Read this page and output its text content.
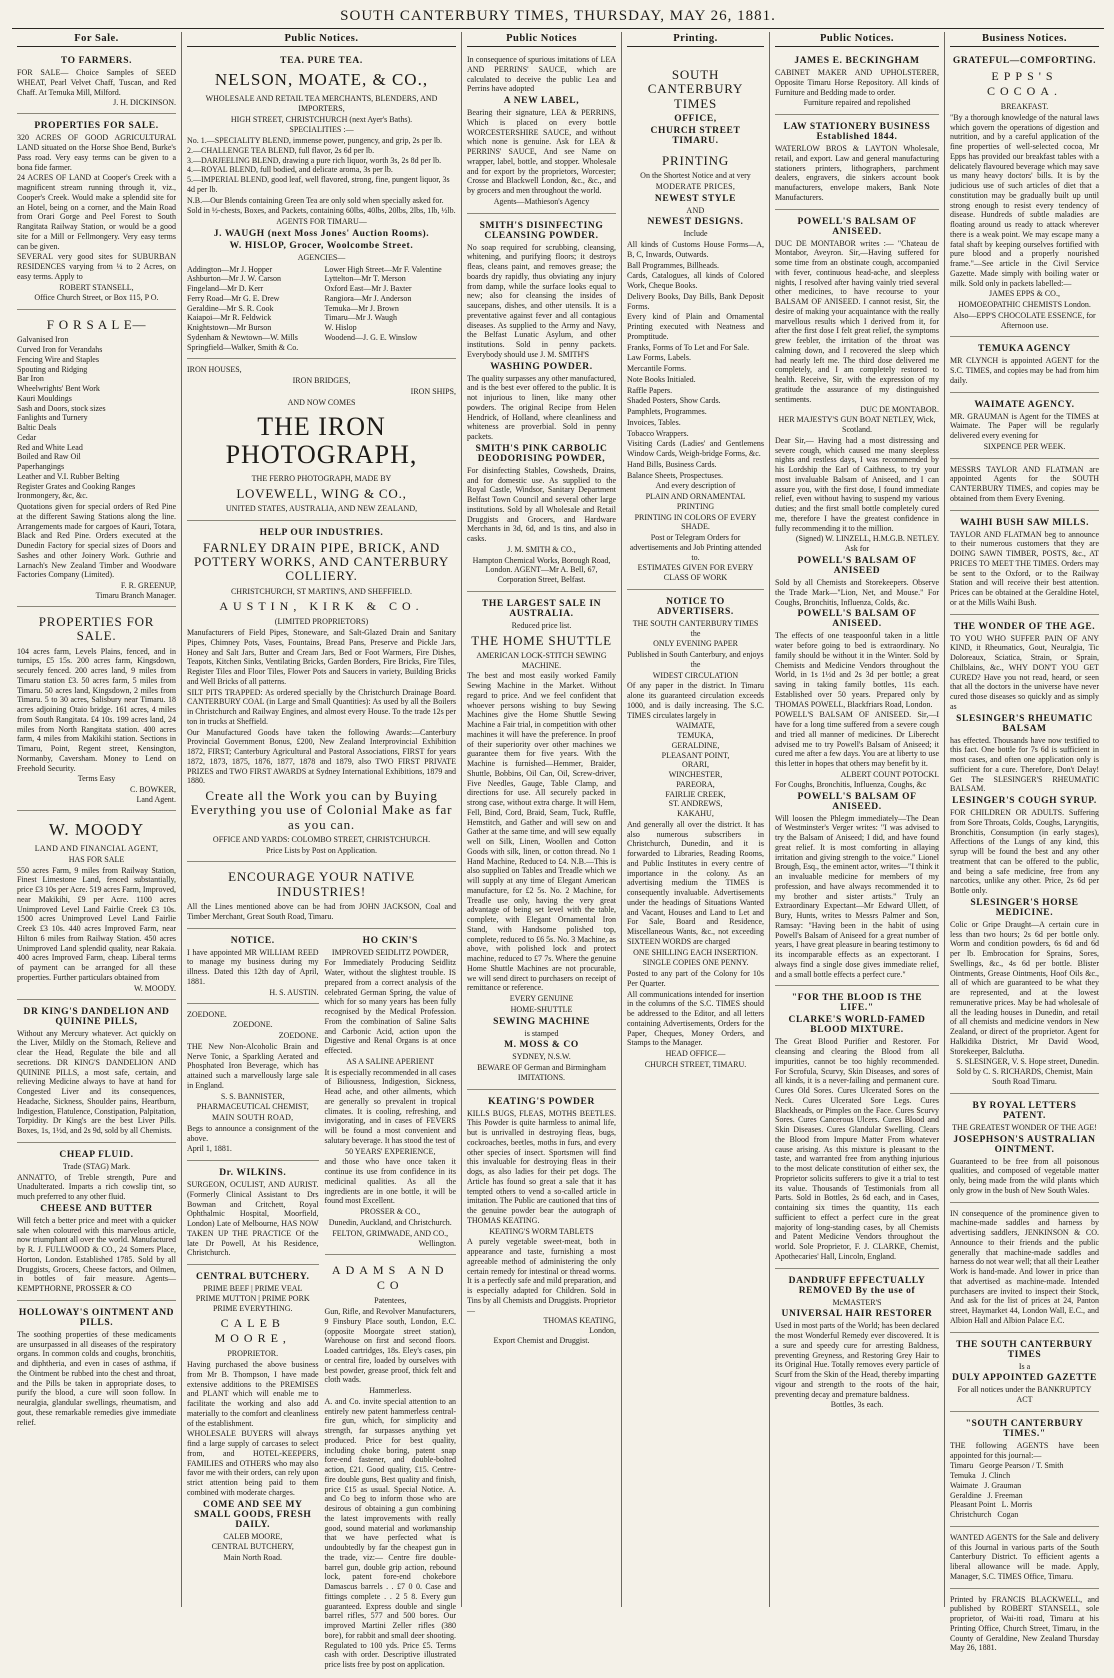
SOUTH CANTERBURY TIMES, THURSDAY, MAY 26, 1881.
For Sale.
TO FARMERS.

FOR SALE— Choice Samples of SEED WHEAT, Pearl Velvet Chaff, Tuscan, and Red Chaff. At Temuka Mill, Milford.

J. H. DICKINSON.

PROPERTIES FOR SALE.

320 ACRES OF GOOD AGRICULTURAL LAND situated on the Horse Shoe Bend, Burke's Pass road. Very easy terms can be given to a bona fide farmer.

24 ACRES OF LAND at Cooper's Creek with a magnificent stream running through it, viz., Cooper's Creek. Would make a splendid site for an Hotel, being on a corner, and the Main Road from Orari Gorge and Peel Forest to South Rangitata Railway Station, or would be a good site for a Mill or Fellmongery. Very easy terms can be given.

SEVERAL very good sites for SUBURBAN RESIDENCES varying from ¼ to 2 Acres, on easy terms. Apply to

ROBERT STANSELL,

Office Church Street, or Box 115, P O.

F O R S A L E—
Galvanised Iron
Curved Iron for Verandahs
Fencing Wire and Staples
Spouting and Ridging
Bar Iron
Wheelwrights' Bent Work
Kauri Mouldings
Sash and Doors, stock sizes
Fanlights and Turnery
Baltic Deals
Cedar
Red and White Lead
Boiled and Raw Oil
Paperhangings
Leather and V.I. Rubber Belting
Register Grates and Cooking Ranges
Ironmongery, &c, &c.

Quotations given for special orders of Red Pine at the different Sawing Stations along the line. Arrangements made for cargoes of Kauri, Totara, Black and Red Pine. Orders executed at the Dunedin Factory for special sizes of Doors and Sashes and other Joinery Work. Guthrie and Larnach's New Zealand Timber and Woodware Factories Company (Limited).

F. R. GREENUP,

Timaru Branch Manager.

PROPERTIES FOR SALE.

104 acres farm, Levels Plains, fenced, and in turnips, £5 15s. 200 acres farm, Kingsdown, securely fenced. 200 acres land, 9 miles from Timaru station £3. 50 acres farm, 5 miles from Timaru. 50 acres land, Kingsdown, 2 miles from Timaru. 5 to 30 acres, Salisbury near Timaru. 18 acres adjoining Otaio bridge. 161 acres, 4 miles from South Rangitata. £4 10s. 199 acres land, 24 miles from North Rangitata station. 400 acres farm, 4 miles from Makikihi station. Sections in Timaru, Point, Regent street, Kensington, Normanby, Caversham. Money to Lend on Freehold Security.

Terms Easy

C. BOWKER,

Land Agent.

W. MOODY

LAND AND FINANCIAL AGENT,

HAS FOR SALE

550 acres Farm, 9 miles from Railway Station, Finest Limestone Land, fenced substantially, price £3 10s per Acre. 519 acres Farm, Improved, near Makikihi, £9 per Acre. 1100 acres Unimproved Level Land Fairlie Creek £3 10s. 1500 acres Unimproved Level Land Fairlie Creek £3 10s. 440 acres Improved Farm, near Hilton 6 miles from Railway Station. 450 acres Unimproved Land splendid quality, near Rakaia. 400 acres Improved Farm, cheap. Liberal terms of payment can be arranged for all these properties. Further particulars obtained from

W. MOODY.

DR KING'S DANDELION AND QUININE PILLS,

Without any Mercury whatever. Act quickly on the Liver, Mildly on the Stomach, Relieve and clear the Head, Regulate the bile and all secretions. DR KING'S DANDELION AND QUININE PILLS, a most safe, certain, and relieving Medicine always to have at hand for Congested Liver and its consequences, Headache, Sickness, Shoulder pains, Heartburn, Indigestion, Flatulence, Constipation, Palpitation, Torpidity. Dr King's are the best Liver Pills. Boxes, 1s, 1½d, and 2s 9d, sold by all Chemists.

CHEAP FLUID.

Trade (STAG) Mark.

ANNATTO, of Treble strength, Pure and Unadulterated. Imparts a rich cowslip tint, so much preferred to any other fluid.

CHEESE AND BUTTER

Will fetch a better price and meet with a quicker sale when coloured with this marvelous article, now triumphant all over the world. Manufactured by R. J. FULLWOOD & CO., 24 Somers Place, Horton, London. Established 1785. Sold by all Druggists, Grocers, Cheese factors, and Oilmen, in bottles of fair measure. Agents— KEMPTHORNE, PROSSER & CO

HOLLOWAY'S OINTMENT AND PILLS.

The soothing properties of these medicaments are unsurpassed in all diseases of the respiratory organs. In common colds and coughs, bronchitis, and diphtheria, and even in cases of asthma, if the Ointment be rubbed into the chest and throat, and the Pills be taken in appropriate doses, to purify the blood, a cure will soon follow. In neuralgia, glandular swellings, rheumatism, and gout, these remarkable remedies give immediate relief.

Public Notices.
TEA. PURE TEA.
NELSON, MOATE, & CO.,

WHOLESALE AND RETAIL TEA MERCHANTS, BLENDERS, AND IMPORTERS,

HIGH STREET, CHRISTCHURCH (next Ayer's Baths).

SPECIALITIES :—

No. 1.—SPECIALITY BLEND, immense power, pungency, and grip, 2s per lb.
2.—CHALLENGE TEA BLEND, full flavor, 2s 6d per lb.
3.—DARJEELING BLEND, drawing a pure rich liquor, worth 3s, 2s 8d per lb.
4.—ROYAL BLEND, full bodied, and delicate aroma, 3s per lb.
5.—IMPERIAL BLEND, good leaf, well flavored, strong, fine, pungent liquor, 3s 4d per lb.

N.B.—Our Blends containing Green Tea are only sold when specially asked for.

Sold in ½-chests, Boxes, and Packets, containing 60lbs, 40lbs, 20lbs, 2lbs, 1lb, ½lb.

AGENTS FOR TIMARU—

J. WAUGH (next Moss Jones' Auction Rooms).
W. HISLOP, Grocer, Woolcombe Street.

AGENCIES—

Addington—Mr J. Hopper
Ashburton—Mr J. W. Carson
Fingeland—Mr D. Kerr
Ferry Road—Mr G. E. Drew
Geraldine—Mr S. R. Cook
Kaiapoi—Mr R. Feldwick
Knightstown—Mr Burson
Sydenham & Newtown—W. Mills
Springfield—Walker, Smith & Co.
Lower High Street—Mr F. Valentine
Lyttelton—Mr T. Merson
Oxford East—Mr J. Baxter
Rangiora—Mr J. Anderson
Temuka—Mr J. Brown
Timaru—Mr J. Waugh
W. Hislop
Woodend—J. G. E. Winslow

IRON HOUSES,

IRON BRIDGES,

IRON SHIPS,

AND NOW COMES

THE IRON PHOTOGRAPH,

THE FERRO PHOTOGRAPH, MADE BY

LOVEWELL, WING & CO.,

UNITED STATES, AUSTRALIA, AND NEW ZEALAND,

HELP OUR INDUSTRIES.
FARNLEY DRAIN PIPE, BRICK, AND POTTERY WORKS, AND CANTERBURY COLLIERY.

CHRISTCHURCH, ST MARTIN'S, AND SHEFFIELD.

AUSTIN, KIRK & CO.

(LIMITED PROPRIETORS)

Manufacturers of Field Pipes, Stoneware, and Salt-Glazed Drain and Sanitary Pipes, Chimney Pots, Vases, Fountains, Bread Pans, Preserve and Pickle Jars, Honey and Salt Jars, Butter and Cream Jars, Bed or Foot Warmers, Fire Dishes, Teapots, Kitchen Sinks, Ventilating Bricks, Garden Borders, Fire Bricks, Fire Tiles, Register Tiles and Floor Tiles, Flower Pots and Saucers in variety, Building Bricks and Well Bricks of all patterns.

SILT PITS TRAPPED: As ordered specially by the Christchurch Drainage Board. CANTERBURY COAL (in Large and Small Quantities): As used by all the Boilers in Christchurch and Railway Engines, and almost every House. To the trade 12s per ton in trucks at Sheffield.

Our Manufactured Goods have taken the following Awards:—Canterbury Provincial Government Bonus, £200, New Zealand Interprovincial Exhibition 1872, FIRST; Canterbury Agricultural and Pastoral Associations, FIRST for years 1872, 1873, 1875, 1876, 1877, 1878 and 1879, also TWO FIRST PRIVATE PRIZES and TWO FIRST AWARDS at Sydney International Exhibitions, 1879 and 1880.

Create all the Work you can by Buying Everything you use of Colonial Make as far as you can.

OFFICE AND YARDS: COLOMBO STREET, CHRISTCHURCH.

Price Lists by Post on Application.

ENCOURAGE YOUR NATIVE INDUSTRIES!

All the Lines mentioned above can be had from JOHN JACKSON, Coal and Timber Merchant, Great South Road, Timaru.

NOTICE.

I have appointed MR WILLIAM REED to manage my business during my illness. Dated this 12th day of April, 1881.

H. S. AUSTIN.

ZOEDONE.

ZOEDONE.

ZOEDONE.

THE New Non-Alcoholic Brain and Nerve Tonic, a Sparkling Aerated and Phosphated Iron Beverage, which has attained such a marvellously large sale in England.

S. S. BANNISTER,

PHARMACEUTICAL CHEMIST,

MAIN SOUTH ROAD,

Begs to announce a consignment of the above.

April 1, 1881.

Dr. WILKINS.

SURGEON, OCULIST, AND AURIST. (Formerly Clinical Assistant to Drs Bowman and Critchett, Royal Ophthalmic Hospital, Moorfield, London) Late of Melbourne, HAS NOW TAKEN UP THE PRACTICE Of the late Dr Powell, At his Residence, Christchurch.

CENTRAL BUTCHERY.
PRIME BEEF | PRIME VEAL
PRIME MUTTON | PRIME PORK
PRIME EVERYTHING.
CALEB MOORE,

PROPRIETOR.

Having purchased the above business from Mr B. Thompson, I have made extensive additions to the PREMISES and PLANT which will enable me to facilitate the working and also add materially to the comfort and cleanliness of the establishment.

WHOLESALE BUYERS will always find a large supply of carcases to select from, and HOTEL-KEEPERS, FAMILIES and OTHERS who may also favor me with their orders, can rely upon strict attention being paid to them combined with moderate charges.

COME AND SEE MY SMALL GOODS, FRESH DAILY.

CALEB MOORE,

CENTRAL BUTCHERY,

Main North Road.

HO CKIN'S

IMPROVED SEIDLITZ POWDER,

For Immediately Producing Seidlitz Water, without the slightest trouble. IS prepared from a correct analysis of the celebrated German Spring, the value of which for so many years has been fully recognised by the Medical Profession. From the combination of Saline Salts and Carbonic Acid, action upon the Digestive and Renal Organs is at once effected.

AS A SALINE APERIENT

It is especially recommended in all cases of Biliousness, Indigestion, Sickness, Head ache, and other ailments, which are generally so prevalent in tropical climates. It is cooling, refreshing, and invigorating, and in cases of FEVERS will be found a most convenient and salutary beverage. It has stood the test of

50 YEARS' EXPERIENCE,

and those who have once taken it continue its use from confidence in its medicinal qualities. As all the ingredients are in one bottle, it will be found most Excellent.

PROSSER & CO.,

Dunedin, Auckland, and Christchurch.

FELTON, GRIMWADE, AND CO.,

Wellington.

ADAMS AND CO

Patentees,

Gun, Rifle, and Revolver Manufacturers, 9 Finsbury Place south, London, E.C. (opposite Moorgate street station), Warehouse on first and second floors. Loaded cartridges, 18s. Eley's cases, pin or central fire, loaded by ourselves with best powder, grease proof, thick felt and cloth wads.

Hammerless.

A. and Co. invite special attention to an entirely new patent hammerless central-fire gun, which, for simplicity and strength, far surpasses anything yet produced. Price for best quality, including choke boring, patent snap fore-end fastener, and double-bolted action, £21. Good quality, £15. Centre-fire double guns, Best quality and finish, price £15 as usual. Special Notice. A. and Co beg to inform those who are desirous of obtaining a gun combining the latest improvements with really good, sound material and workmanship that we have perfected what is undoubtedly by far the cheapest gun in the trade, viz:— Centre fire double-barrel gun, double grip action, rebound lock, patent fore-end chokebore Damascus barrels . . £7 0 0. Case and fittings complete . . 2 5 8. Every gun guaranteed. Express double and single barrel rifles, 577 and 500 bores. Our improved Martini Zeller rifles (380 bore), for rabbit and small deer shooting. Regulated to 100 yds. Price £5. Terms cash with order. Descriptive illustrated price lists free by post on application.

Public Notices

In consequence of spurious imitations of LEA AND PERRINS' SAUCE, which are calculated to deceive the public Lea and Perrins have adopted

A NEW LABEL,

Bearing their signature, LEA & PERRINS, Which is placed on every bottle WORCESTERSHIRE SAUCE, and without which none is genuine. Ask for LEA & PERRINS' SAUCE, And see Name on wrapper, label, bottle, and stopper. Wholesale and for export by the proprietors, Worcester; Crosse and Blackwell London, &c., &c., and by grocers and men throughout the world.

Agents—Mathieson's Agency

SMITH'S DISINFECTING CLEANSING POWDER.

No soap required for scrubbing, cleansing, whitening, and purifying floors; it destroys fleas, cleans paint, and removes grease; the boards dry rapidly, thus obviating any injury from damp, while the surface looks equal to new; also for cleansing the insides of saucepans, dishes, and other utensils. It is a preventative against fever and all contagious diseases. As supplied to the Army and Navy, the Belfast Lunatic Asylum, and other institutions. Sold in penny packets. Everybody should use J. M. SMITH'S

WASHING POWDER.

The quality surpasses any other manufactured, and is the best ever offered to the public. It is not injurious to linen, like many other powders. The original Recipe from Helen Hendrick, of Holland, where cleanliness and whiteness are proverbial. Sold in penny packets.

SMITH'S PINK CARBOLIC DEODORISING POWDER,

For disinfecting Stables, Cowsheds, Drains, and for domestic use. As supplied to the Royal Castle, Windsor, Sanitary Department Belfast Town Council and several other large institutions. Sold by all Wholesale and Retail Druggists and Grocers, and Hardware Merchants in 3d, 6d, and 1s tins, and also in casks.

J. M. SMITH & CO.,

Hampton Chemical Works, Borough Road, London. AGENT—Mr A. Bell, 67, Corporation Street, Belfast.

THE LARGEST SALE IN AUSTRALIA.

Reduced price list.

THE HOME SHUTTLE

AMERICAN LOCK-STITCH SEWING MACHINE.

The best and most easily worked Family Sewing Machine in the Market. Without regard to price. And we feel confident that whoever persons wishing to buy Sewing Machines give the Home Shuttle Sewing Machine a Fair trial, in competition with other machines it will have the preference. In proof of their superiority over other machines we guarantee them for five years. With the Machine is furnished—Hemmer, Braider, Shuttle, Bobbins, Oil Can, Oil, Screw-driver, Five Needles, Gauge, Table Clamp, and directions for use. All securely packed in strong case, without extra charge. It will Hem, Fell, Bind, Cord, Braid, Seam, Tuck, Ruffle, Hemstitch, and Gather and will sew on and Gather at the same time, and will sew equally well on Silk, Linen, Woollen and Cotton Goods with silk, linen, or cotton thread. No 1 Hand Machine, Reduced to £4. N.B.—This is also supplied on Tables and Treadle which we will supply at any time of Elegant American manufacture, for £2 5s. No. 2 Machine, for Treadle use only, having the very great advantage of being set level with the table, complete, with Elegant Ornamental Iron Stand, with Handsome polished top, complete, reduced to £6 5s. No. 3 Machine, as above, with polished lock and protect machine, reduced to £7 7s. Where the genuine Home Shuttle Machines are not procurable, we will send direct to purchasers on receipt of remittance or reference.

EVERY GENUINE

HOME-SHUTTLE

SEWING MACHINE

is stamped

M. MOSS & CO

SYDNEY, N.S.W.

BEWARE OF German and Birmingham IMITATIONS.

KEATING'S POWDER

KILLS BUGS, FLEAS, MOTHS BEETLES. This Powder is quite harmless to animal life, but is unrivalled in destroying fleas, bugs, cockroaches, beetles, moths in furs, and every other species of insect. Sportsmen will find this invaluable for destroying fleas in their dogs, as also ladies for their pet dogs. The Article has found so great a sale that it has tempted others to vend a so-called article in imitation. The Public are cautioned that tins of the genuine powder bear the autograph of THOMAS KEATING.

KEATING'S WORM TABLETS

A purely vegetable sweet-meat, both in appearance and taste, furnishing a most agreeable method of administering the only certain remedy for intestinal or thread worms. It is a perfectly safe and mild preparation, and is especially adapted for Children. Sold in Tins by all Chemists and Druggists. Proprietor—

THOMAS KEATING,

London,

Export Chemist and Druggist.

Printing.
SOUTH CANTERBURY TIMES
OFFICE,
CHURCH STREET TIMARU.
PRINTING

On the Shortest Notice and at very

MODERATE PRICES,

NEWEST STYLE

AND

NEWEST DESIGNS.

Include

All kinds of Customs House Forms—A, B, C, Inwards, Outwards.

Ball Programmes, Billheads.

Cards, Catalogues, all kinds of Colored Work, Cheque Books.

Delivery Books, Day Bills, Bank Deposit Forms.

Every kind of Plain and Ornamental Printing executed with Neatness and Promptitude.

Franks, Forms of To Let and For Sale.

Law Forms, Labels.

Mercantile Forms.

Note Books Initialed.

Raffle Papers.

Shaded Posters, Show Cards.

Pamphlets, Programmes.

Invoices, Tables.

Tobacco Wrappers.

Visiting Cards (Ladies' and Gentlemens Window Cards, Weigh-bridge Forms, &c.

Hand Bills, Business Cards.

Balance Sheets, Prospectuses.

And every description of

PLAIN AND ORNAMENTAL PRINTING

PRINTING IN COLORS OF EVERY SHADE.

Post or Telegram Orders for advertisements and Job Printing attended to.

ESTIMATES GIVEN FOR EVERY CLASS OF WORK

NOTICE TO ADVERTISERS.

THE SOUTH CANTERBURY TIMES the

ONLY EVENING PAPER

Published in South Canterbury, and enjoys the

WIDEST CIRCULATION

Of any paper in the district. In Timaru alone its guaranteed circulation exceeds 1000, and is daily increasing. The S.C. TIMES circulates largely in

WAIMATE,
TEMUKA,
GERALDINE,
PLEASANT POINT,
ORARI,
WINCHESTER,
PAREORA,
FAIRLIE CREEK,
ST. ANDREWS,
KAKAHU,

And generally all over the district. It has also numerous subscribers in Christchurch, Dunedin, and it is forwarded to Libraries, Reading Rooms, and Public Institutes in every centre of importance in the colony. As an advertising medium the TIMES is consequently invaluable. Advertisements under the headings of Situations Wanted and Vacant, Houses and Land to Let and For Sale, Board and Residence, Miscellaneous Wants, &c., not exceeding SIXTEEN WORDS are charged

ONE SHILLING EACH INSERTION.

SINGLE COPIES ONE PENNY.

Posted to any part of the Colony for 10s Per Quarter.

All communications intended for insertion in the columns of the S.C. TIMES should be addressed to the Editor, and all letters containing Advertisements, Orders for the Paper, Cheques, Money Orders, and Stamps to the Manager.

HEAD OFFICE—

CHURCH STREET, TIMARU.

Public Notices.
JAMES E. BECKINGHAM

CABINET MAKER AND UPHOLSTERER, Opposite Timaru Horse Repository. All kinds of Furniture and Bedding made to order.

Furniture repaired and repolished

LAW STATIONERY BUSINESS Established 1844.

WATERLOW BROS & LAYTON Wholesale, retail, and export. Law and general manufacturing stationers printers, lithographers, parchment dealers, engravers, die sinkers account book manufacturers, envelope makers, Bank Note Manufacturers.

POWELL'S BALSAM OF ANISEED.

DUC DE MONTABOR writes :— "Chateau de Montabor, Aveyron. Sir,—Having suffered for some time from an obstinate cough, accompanied with fever, continuous head-ache, and sleepless nights, I resolved after having vainly tried several other medicines, to have recourse to your BALSAM OF ANISEED. I cannot resist, Sir, the desire of making your acquaintance with the really marvellous results which I derived from it, for after the first dose I felt great relief, the symptoms grew feebler, the irritation of the throat was calming down, and I recovered the sleep which had nearly left me. The third dose delivered me completely, and I am completely restored to health. Receive, Sir, with the expression of my gratitude the assurance of my distinguished sentiments.

DUC DE MONTABOR.

HER MAJESTY'S GUN BOAT NETLEY, Wick, Scotland.

Dear Sir,— Having had a most distressing and severe cough, which caused me many sleepless nights and restless days, I was recommended by his Lordship the Earl of Caithness, to try your most invaluable Balsam of Aniseed, and I can assure you, with the first dose, I found immediate relief, even without having to suspend my various duties; and the first small bottle completely cured me, therefore I have the greatest confidence in fully recommending it to the million.

(Signed) W. LINZELL, H.M.G.B. NETLEY.

Ask for

POWELL'S BALSAM OF ANISEED

Sold by all Chemists and Storekeepers. Observe the Trade Mark—"Lion, Net, and Mouse." For Coughs, Bronchitis, Influenza, Colds, &c.

POWELL'S BALSAM OF ANISEED.

The effects of one teaspoonful taken in a little water before going to bed is extraordinary. No family should be without it in the Winter. Sold by Chemists and Medicine Vendors throughout the World, in 1s 1½d and 2s 3d per bottle; a great saving in taking family bottles, 11s each. Established over 50 years. Prepared only by THOMAS POWELL, Blackfriars Road, London.

POWELL'S BALSAM OF ANISEED. Sir,—I have for a long time suffered from a severe cough and tried all manner of medicines. Dr Liberecht advised me to try Powell's Balsam of Aniseed; it cured me after a few days. You are at liberty to use this letter in hopes that others may benefit by it.

ALBERT COUNT POTOCKI.

For Coughs, Bronchitis, Influenza, Coughs, &c

POWELL'S BALSAM OF ANISEED.

Will loosen the Phlegm immediately—The Dean of Westminster's Verger writes: "I was advised to try the Balsam of Aniseed; I did, and have found great relief. It is most comforting in allaying irritation and giving strength to the voice." Lionel Brough, Esq., the eminent actor, writes—"I think it an invaluable medicine for members of my profession, and have always recommended it to my brother and sister artists." Truly an Extraordinary Expectant—Mr Edward Ullett, of Bury, Hunts, writes to Messrs Palmer and Son, Ramsay: "Having been in the habit of using Powell's Balsam of Aniseed for a great number of years, I have great pleasure in bearing testimony to its incomparable effects as an expectorant. I always find a single dose gives immediate relief, and a small bottle effects a perfect cure."

"FOR THE BLOOD IS THE LIFE."
CLARKE'S WORLD-FAMED BLOOD MIXTURE.

The Great Blood Purifier and Restorer. For cleansing and clearing the Blood from all impurities, cannot be too highly recommended. For Scrofula, Scurvy, Skin Diseases, and sores of all kinds, it is a never-failing and permanent cure. Cures Old Sores. Cures Ulcerated Sores on the Neck. Cures Ulcerated Sore Legs. Cures Blackheads, or Pimples on the Face. Cures Scurvy Sores. Cures Cancerous Ulcers. Cures Blood and Skin Diseases. Cures Glandular Swelling. Clears the Blood from Impure Matter From whatever cause arising. As this mixture is pleasant to the taste, and warranted free from anything injurious to the most delicate constitution of either sex, the Proprietor solicits sufferers to give it a trial to test its value. Thousands of Testimonials from all Parts. Sold in Bottles, 2s 6d each, and in Cases, containing six times the quantity, 11s each sufficient to effect a perfect cure in the great majority of long-standing cases, by all Chemists and Patent Medicine Vendors throughout the world. Sole Proprietor, F. J. CLARKE, Chemist, Apothecaries' Hall, Lincoln, England.

DANDRUFF EFFECTUALLY REMOVED By the use of

McMASTER'S

UNIVERSAL HAIR RESTORER

Used in most parts of the World; has been declared the most Wonderful Remedy ever discovered. It is a sure and speedy cure for arresting Baldness, preventing Greyness, and Restoring Grey Hair to its Original Hue. Totally removes every particle of Scurf from the Skin of the Head, thereby imparting vigour and strength to the roots of the hair, preventing decay and premature baldness.

Bottles, 3s each.

Business Notices.
GRATEFUL—COMFORTING.
EPPS'S COCOA.

BREAKFAST.

"By a thorough knowledge of the natural laws which govern the operations of digestion and nutrition, and by a careful application of the fine properties of well-selected cocoa, Mr Epps has provided our breakfast tables with a delicately flavoured beverage which may save us many heavy doctors' bills. It is by the judicious use of such articles of diet that a constitution may be gradually built up until strong enough to resist every tendency of disease. Hundreds of subtle maladies are floating around us ready to attack wherever there is a weak point. We may escape many a fatal shaft by keeping ourselves fortified with pure blood and a properly nourished frame."—See article in the Civil Service Gazette. Made simply with boiling water or milk. Sold only in packets labelled:—

JAMES EPPS & CO.,

HOMOEOPATHIC CHEMISTS London.

Also—EPP'S CHOCOLATE ESSENCE, for Afternoon use.

TEMUKA AGENCY

MR CLYNCH is appointed AGENT for the S.C. TIMES, and copies may be had from him daily.

WAIMATE AGENCY.

MR. GRAUMAN is Agent for the TIMES at Waimate. The Paper will be regularly delivered every evening for

SIXPENCE PER WEEK.

MESSRS TAYLOR AND FLATMAN are appointed Agents for the SOUTH CANTERBURY TIMES, and copies may be obtained from them Every Evening.

WAIHI BUSH SAW MILLS.

TAYLOR AND FLATMAN beg to announce to their numerous customers that they are DOING SAWN TIMBER, POSTS, &c., AT PRICES TO MEET THE TIMES. Orders may be sent to the Oxford, or to the Railway Station and will receive their best attention. Prices can be obtained at the Geraldine Hotel, or at the Mills Waihi Bush.

THE WONDER OF THE AGE.

TO YOU WHO SUFFER PAIN OF ANY KIND, it Rheumatics, Gout, Neuralgia, Tic Doloreaux, Sciatica, Strain, or Sprain, Chilblains, &c., WHY DON'T YOU GET CURED? Have you not read, heard, or seen that all the doctors in the universe have never cured those diseases so quickly and as simply as

SLESINGER'S RHEUMATIC BALSAM

has effected. Thousands have now testified to this fact. One bottle for 7s 6d is sufficient in most cases, and often one application only is sufficient for a cure. Therefore, Don't Delay! Get The SLESINGER'S RHEUMATIC BALSAM.

LESINGER'S COUGH SYRUP.

FOR CHILDREN OR ADULTS. Suffering from Sore Throats, Colds, Coughs, Laryngitis, Bronchitis, Consumption (in early stages), Affections of the Lungs of any kind, this syrup will be found the best and any other treatment that can be offered to the public, and being a safe medicine, free from any narcotics, unlike any other. Price, 2s 6d per Bottle only.

SLESINGER'S HORSE MEDICINE.

Colic or Gripe Draught—A certain cure in less than two hours; 2s 6d per bottle only. Worm and condition powders, 6s 6d and 6d per lb. Embrocation for Sprains, Sores, Swellings, &c., 4s 6d per bottle. Blister Ointments, Grease Ointments, Hoof Oils &c., all of which are guaranteed to be what they are represented, and at the lowest remunerative prices. May be had wholesale of all the leading houses in Dunedin, and retail of all chemists and medicine vendors in New Zealand, or direct of the proprietor. Agent for Halkidika District, Mr David Wood, Storekeeper, Balclutha.

S. SLESINGER, V. S. Hope street, Dunedin.

Sold by C. S. RICHARDS, Chemist, Main South Road Timaru.

BY ROYAL LETTERS PATENT.

THE GREATEST WONDER OF THE AGE!

JOSEPHSON'S AUSTRALIAN OINTMENT.

Guaranteed to be free from all poisonous qualities, and composed of vegetable matter only, being made from the wild plants which only grow in the bush of New South Wales.

IN consequence of the prominence given to machine-made saddles and harness by advertising saddlers, JENKINSON & CO. Announce to their friends and the public generally that machine-made saddles and harness do not wear well; that all their Leather Work is hand-made. And lower in price than that advertised as machine-made. Intended purchasers are invited to inspect their Stock, And ask for the list of prices at 24, Panton street, Haymarket 44, London Wall, E.C., and Albion Hall and Albion Palace E.C.

THE SOUTH CANTERBURY TIMES

Is a

DULY APPOINTED GAZETTE

For all notices under the BANKRUPTCY ACT

"SOUTH CANTERBURY TIMES."

THE following AGENTS have been appointed for this journal:—

Timaru George Pearson / T. Smith
Temuka J. Clinch
Waimate J. Grauman
Geraldine J. Freeman
Pleasant Point L. Morris
Christchurch Cogan

WANTED AGENTS for the Sale and delivery of this Journal in various parts of the South Canterbury District. To efficient agents a liberal allowance will be made. Apply, Manager, S.C. TIMES Office, Timaru.

Printed by FRANCIS BLACKWELL, and published by ROBERT STANSELL, sole proprietor, of Wai-iti road, Timaru at his Printing Office, Church Street, Timaru, in the County of Geraldine, New Zealand Thursday May 26, 1881.
